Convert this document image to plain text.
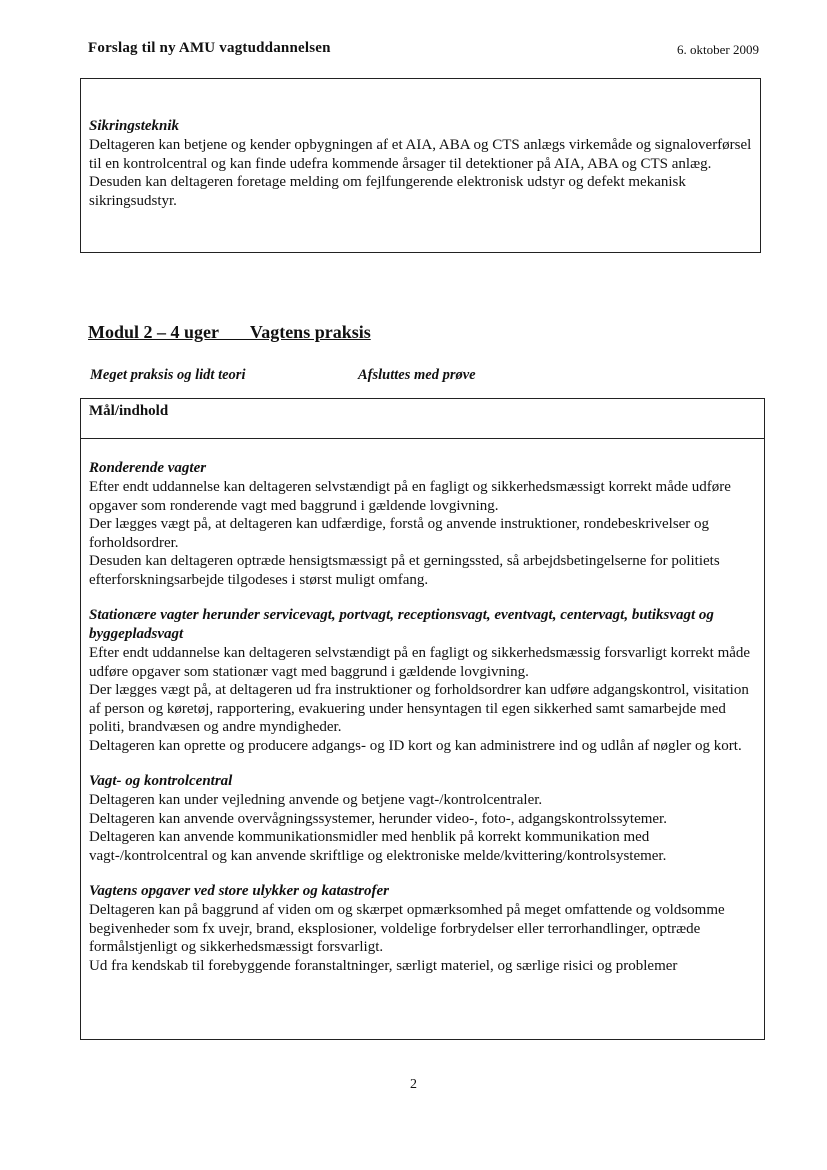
Forslag til ny AMU vagtuddannelsen	6. oktober 2009
Sikringsteknik
Deltageren kan betjene og kender opbygningen af et AIA, ABA og CTS anlægs virkemåde og signaloverførsel til en kontrolcentral og kan finde udefra kommende årsager til detektioner på AIA, ABA og CTS anlæg.
Desuden kan deltageren foretage melding om fejlfungerende elektronisk udstyr og defekt mekanisk sikringsudstyr.
Modul 2 – 4 uger       Vagtens praksis
Meget praksis og lidt teori	Afsluttes med prøve
Mål/indhold
Ronderende vagter
Efter endt uddannelse kan deltageren selvstændigt på en fagligt og sikkerhedsmæssigt korrekt måde udføre opgaver som ronderende vagt med baggrund i gældende lovgivning.
Der lægges vægt på, at deltageren kan udfærdige, forstå og anvende instruktioner, rondebeskrivelser og forholdsordrer.
Desuden kan deltageren optræde hensigtsmæssigt på et gerningssted, så arbejdsbetingelserne for politiets efterforskningsarbejde tilgodeses i størst muligt omfang.
Stationære vagter herunder servicevagt, portvagt, receptionsvagt, eventvagt, centervagt, butiksvagt og byggepladsvagt
Efter endt uddannelse kan deltageren selvstændigt på en fagligt og sikkerhedsmæssig forsvarligt korrekt måde udføre opgaver som stationær vagt med baggrund i gældende lovgivning.
Der lægges vægt på, at deltageren ud fra instruktioner og forholdsordrer kan udføre adgangskontrol, visitation af person og køretøj, rapportering, evakuering under hensyntagen til egen sikkerhed samt samarbejde med politi, brandvæsen og andre myndigheder.
Deltageren kan oprette og producere adgangs- og ID kort og kan administrere ind og udlån af nøgler og kort.
Vagt- og kontrolcentral
Deltageren kan under vejledning anvende og betjene vagt-/kontrolcentraler.
Deltageren kan anvende overvågningssystemer, herunder video-, foto-, adgangskontrolssytemer.
Deltageren kan anvende kommunikationsmidler med henblik på korrekt kommunikation med vagt-/kontrolcentral og kan anvende skriftlige og elektroniske melde/kvittering/kontrolsystemer.
Vagtens opgaver ved store ulykker og katastrofer
Deltageren kan på baggrund af viden om og skærpet opmærksomhed på meget omfattende og voldsomme begivenheder som fx uvejr, brand, eksplosioner, voldelige forbrydelser eller terrorhandlinger, optræde formålstjenligt og sikkerhedsmæssigt forsvarligt.
Ud fra kendskab til forebyggende foranstaltninger, særligt materiel, og særlige risici og problemer
2
